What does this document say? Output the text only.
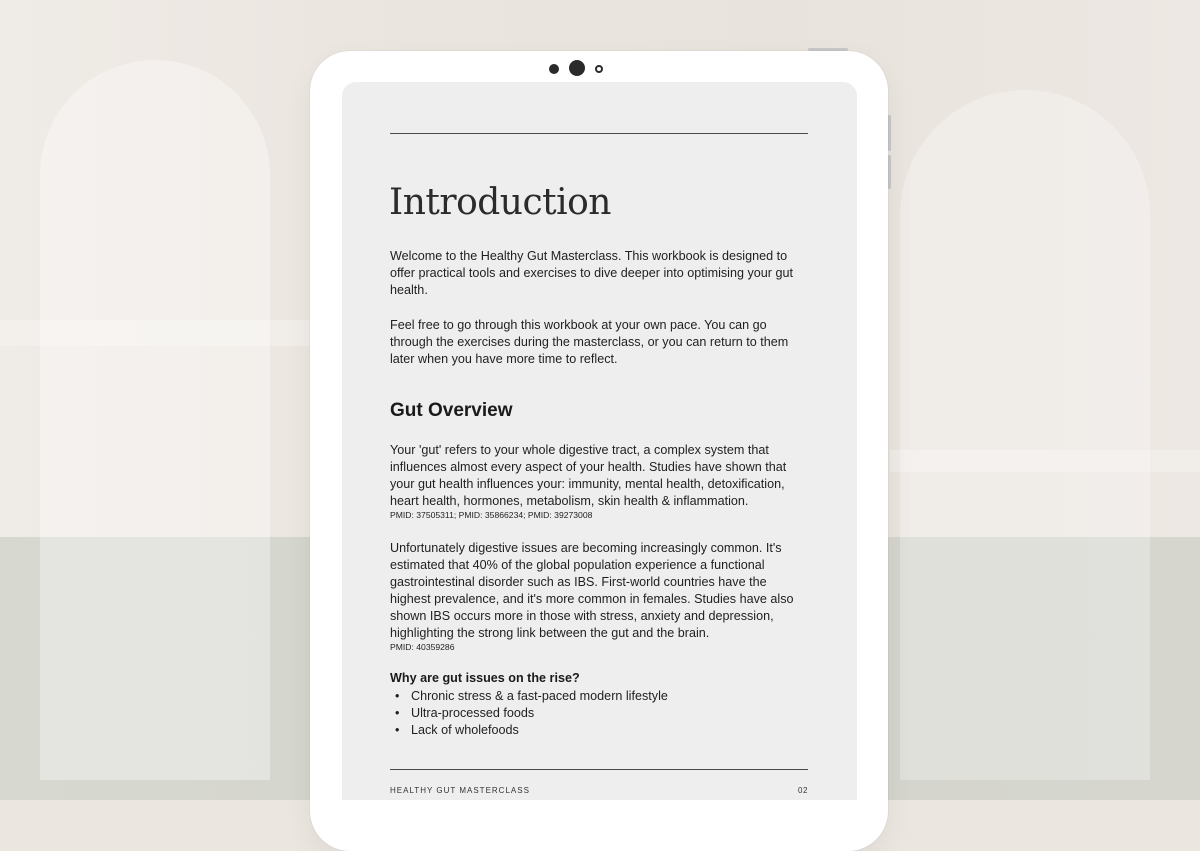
Introduction
Welcome to the Healthy Gut Masterclass. This workbook is designed to offer practical tools and exercises to dive deeper into optimising your gut health.
Feel free to go through this workbook at your own pace. You can go through the exercises during the masterclass, or you can return to them later when you have more time to reflect.
Gut Overview
Your 'gut' refers to your whole digestive tract, a complex system that influences almost every aspect of your health. Studies have shown that your gut health influences your: immunity, mental health, detoxification, heart health, hormones, metabolism, skin health & inflammation.
PMID: 37505311; PMID: 35866234; PMID: 39273008
Unfortunately digestive issues are becoming increasingly common. It's estimated that 40% of the global population experience a functional gastrointestinal disorder such as IBS. First-world countries have the highest prevalence, and it's more common in females. Studies have also shown IBS occurs more in those with stress, anxiety and depression, highlighting the strong link between the gut and the brain.
PMID: 40359286
Why are gut issues on the rise?
• Chronic stress & a fast-paced modern lifestyle
• Ultra-processed foods
• Lack of wholefoods
HEALTHY GUT MASTERCLASS	02
